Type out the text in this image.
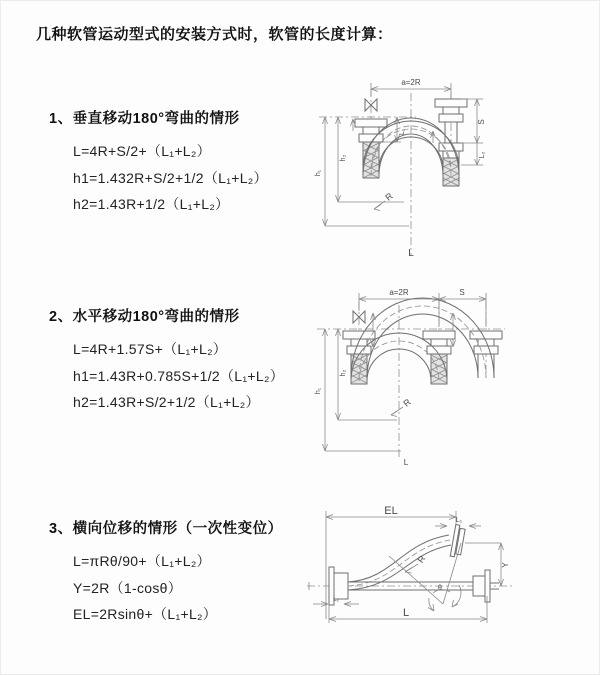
几种软管运动型式的安装方式时，软管的长度计算：
1、垂直移动180°弯曲的情形

L=4R+S/2+（L₁+L₂）

h1=1.432R+S/2+1/2（L₁+L₂）

h2=1.43R+1/2（L₁+L₂）

2、水平移动180°弯曲的情形

L=4R+1.57S+（L₁+L₂）

h1=1.43R+0.785S+1/2（L₁+L₂）

h2=1.43R+S/2+1/2（L₁+L₂）

3、横向位移的情形（一次性变位）

L=πRθ/90+（L₁+L₂）

Y=2R（1-cosθ）

EL=2Rsinθ+（L₁+L₂）

a=2R
L₁
S
L₂
h₁
h₂
R
L
a=2R	S
h₁
h₂
R
L
EL
L₁
Y
θ
R
L₁
L
